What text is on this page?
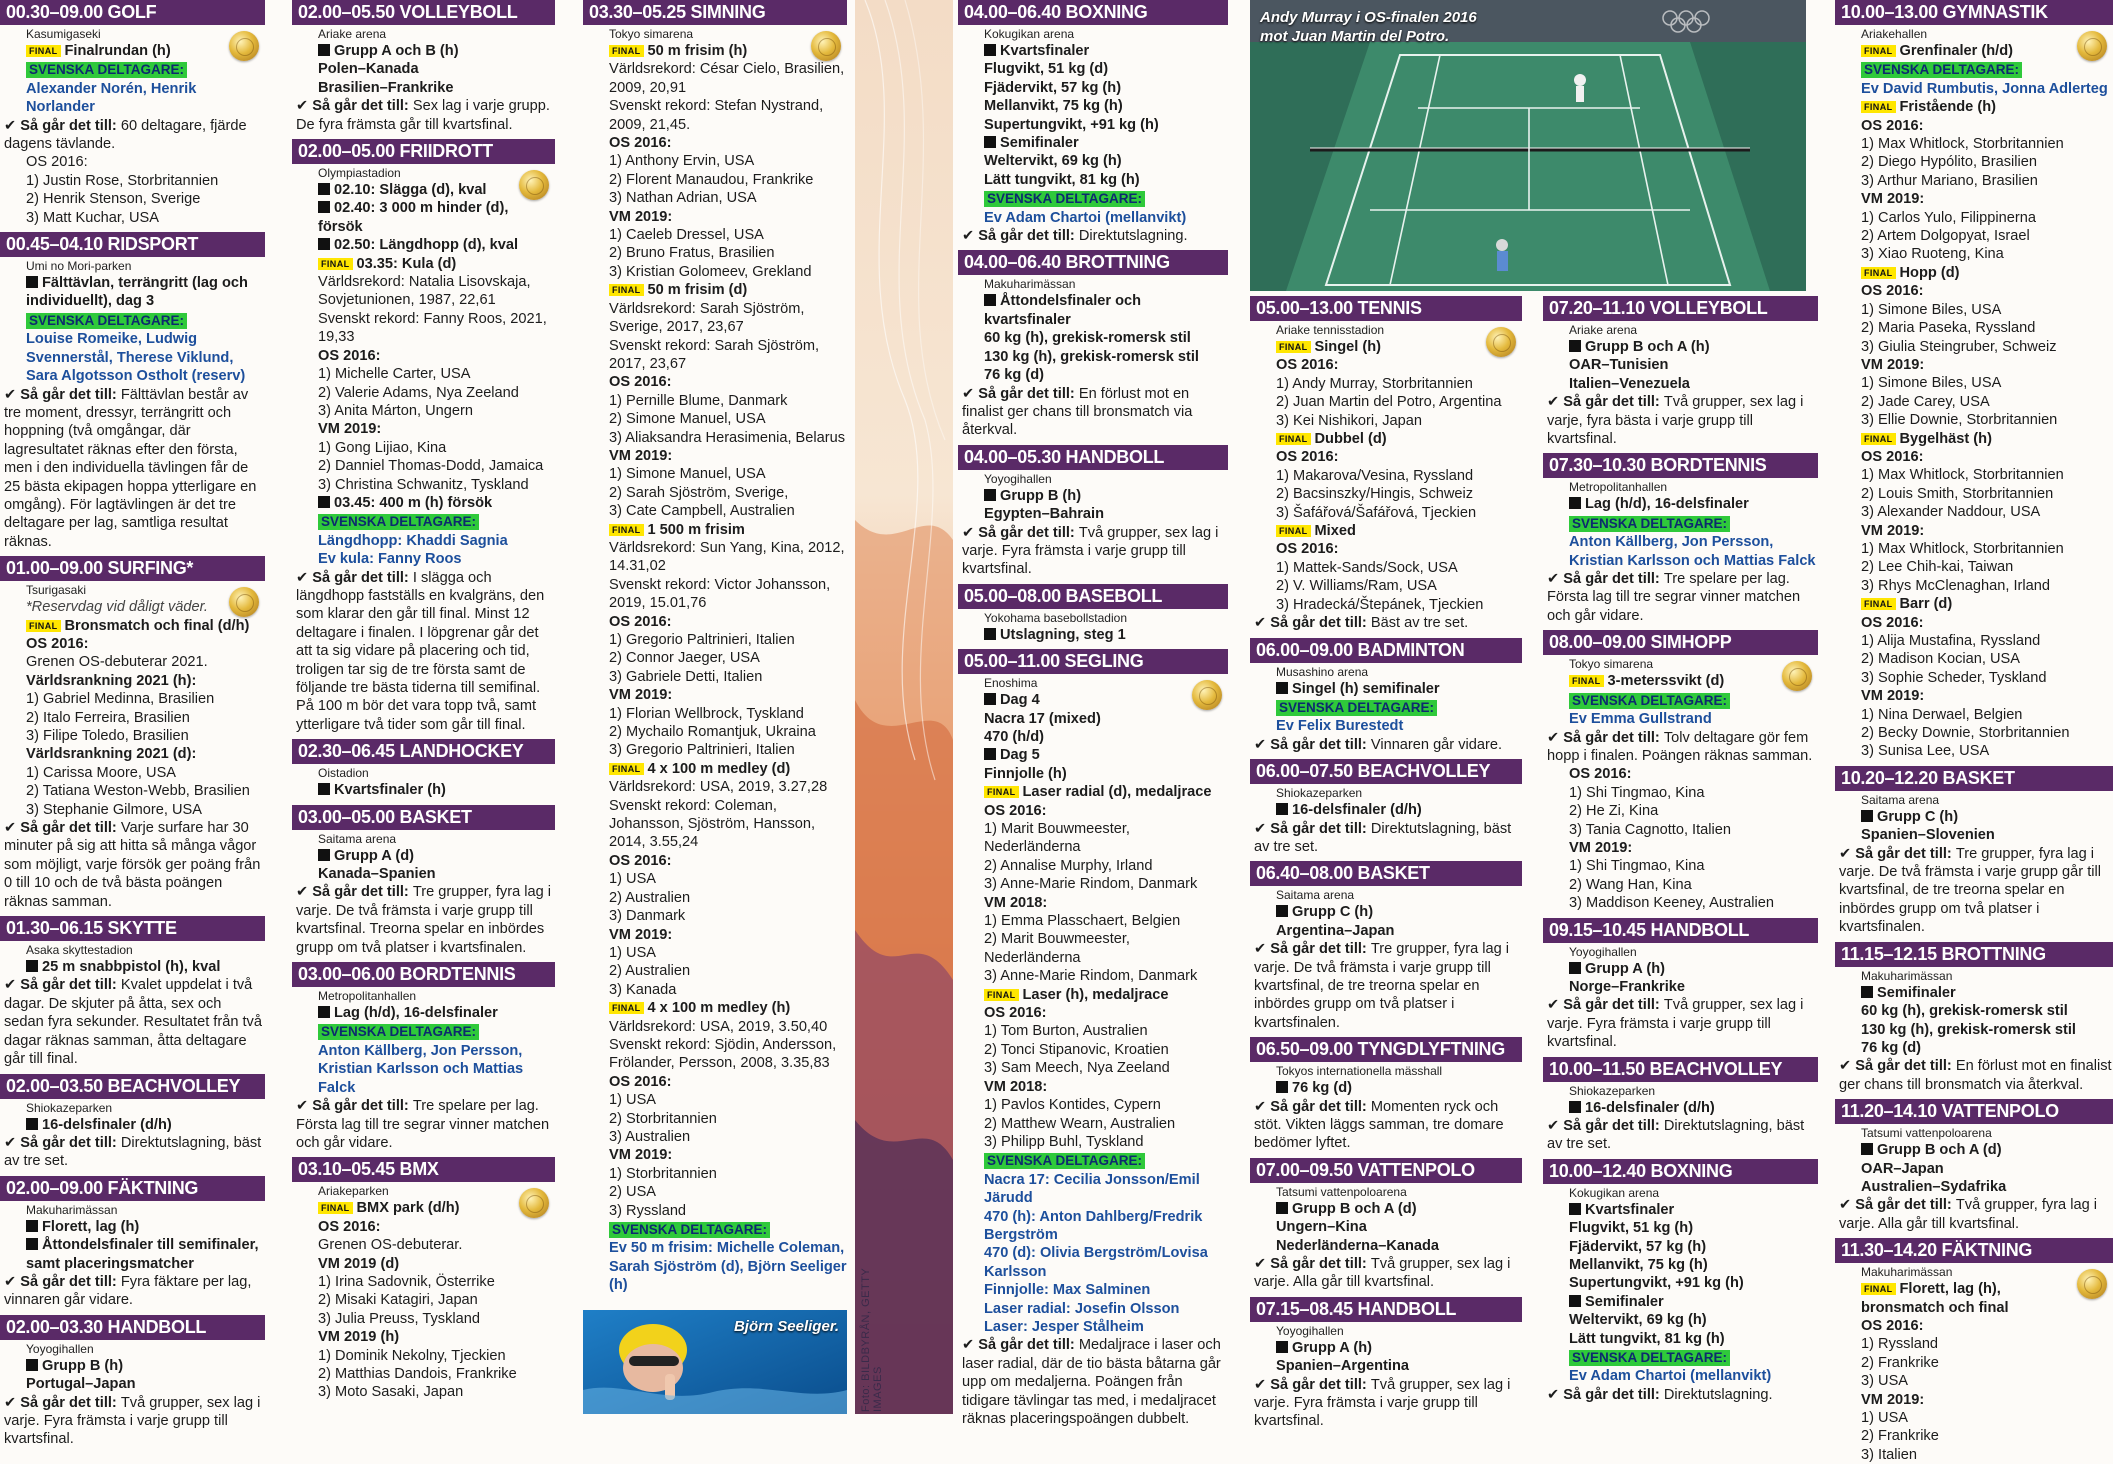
Foto: BILDBYRÅN, GETTY IMAGES
Andy Murray i OS-finalen 2016 mot Juan Martin del Potro.
Björn Seeliger.
00.30–09.00 GOLF
Kasumigaseki
FINAL Finalrundan (h)
SVENSKA DELTAGARE:
Alexander Norén, Henrik Norlander
✔ Så går det till: 60 deltagare, fjärde dagens tävlande.
OS 2016:
1) Justin Rose, Storbritannien
2) Henrik Stenson, Sverige
3) Matt Kuchar, USA
00.45–04.10 RIDSPORT
Umi no Mori-parken
Fälttävlan, terrängritt (lag och
individuellt), dag 3
SVENSKA DELTAGARE:
Louise Romeike, Ludwig
Svennerstål, Therese Viklund,
Sara Algotsson Ostholt (reserv)
✔ Så går det till: Fälttävlan består av tre moment, dressyr, terrängritt och hoppning (två omgångar, där lagresultatet räknas efter den första, men i den individuella tävlingen får de 25 bästa ekipagen hoppa ytterligare en omgång). För lagtävlingen är det tre deltagare per lag, samtliga resultat räknas.
01.00–09.00 SURFING*
Tsurigasaki
*Reservdag vid dåligt väder.
FINAL Bronsmatch och final (d/h)
OS 2016:
Grenen OS-debuterar 2021.
Världsrankning 2021 (h):
1) Gabriel Medinna, Brasilien
2) Italo Ferreira, Brasilien
3) Filipe Toledo, Brasilien
Världsrankning 2021 (d):
1) Carissa Moore, USA
2) Tatiana Weston-Webb, Brasilien
3) Stephanie Gilmore, USA
✔ Så går det till: Varje surfare har 30 minuter på sig att hitta så många vågor som möjligt, varje försök ger poäng från 0 till 10 och de två bästa poängen räknas samman.
01.30–06.15 SKYTTE
Asaka skyttestadion
25 m snabbpistol (h), kval
✔ Så går det till: Kvalet uppdelat i två dagar. De skjuter på åtta, sex och sedan fyra sekunder. Resultatet från två dagar räknas samman, åtta deltagare går till final.
02.00–03.50 BEACHVOLLEY
Shiokazeparken
16-delsfinaler (d/h)
✔ Så går det till: Direktutslagning, bäst av tre set.
02.00–09.00 FÄKTNING
Makuharimässan
Florett, lag (h)
Åttondelsfinaler till semifinaler,
samt placeringsmatcher
✔ Så går det till: Fyra fäktare per lag, vinnaren går vidare.
02.00–03.30 HANDBOLL
Yoyogihallen
Grupp B (h)
Portugal–Japan
✔ Så går det till: Två grupper, sex lag i varje. Fyra främsta i varje grupp till kvartsfinal.
02.00–05.50 VOLLEYBOLL
Ariake arena
Grupp A och B (h)
Polen–Kanada
Brasilien–Frankrike
✔ Så går det till: Sex lag i varje grupp. De fyra främsta går till kvartsfinal.
02.00–05.00 FRIIDROTT
Olympiastadion
02.10: Slägga (d), kval
02.40: 3 000 m hinder (d),
försök
02.50: Längdhopp (d), kval
FINAL 03.35: Kula (d)
Världsrekord: Natalia Lisovskaja, Sovjetunionen, 1987, 22,61
Svenskt rekord: Fanny Roos, 2021, 19,33
OS 2016:
1) Michelle Carter, USA
2) Valerie Adams, Nya Zeeland
3) Anita Márton, Ungern
VM 2019:
1) Gong Lijiao, Kina
2) Danniel Thomas-Dodd, Jamaica
3) Christina Schwanitz, Tyskland
03.45: 400 m (h) försök
SVENSKA DELTAGARE:
Längdhopp: Khaddi Sagnia
Ev kula: Fanny Roos
✔ Så går det till: I slägga och längdhopp fastställs en kvalgräns, den som klarar den går till final. Minst 12 deltagare i finalen. I löpgrenar går det att ta sig vidare på placering och tid, troligen tar sig de tre första samt de följande tre bästa tiderna till semifinal. På 100 m bör det vara topp två, samt ytterligare två tider som går till final.
02.30–06.45 LANDHOCKEY
Oistadion
Kvartsfinaler (h)
03.00–05.00 BASKET
Saitama arena
Grupp A (d)
Kanada–Spanien
✔ Så går det till: Tre grupper, fyra lag i varje. De två främsta i varje grupp till kvartsfinal. Treorna spelar en inbördes grupp om två platser i kvartsfinalen.
03.00–06.00 BORDTENNIS
Metropolitanhallen
Lag (h/d), 16-delsfinaler
SVENSKA DELTAGARE:
Anton Källberg, Jon Persson,
Kristian Karlsson och Mattias Falck
✔ Så går det till: Tre spelare per lag. Första lag till tre segrar vinner matchen och går vidare.
03.10–05.45 BMX
Ariakeparken
FINAL BMX park (d/h)
OS 2016:
Grenen OS-debuterar.
VM 2019 (d)
1) Irina Sadovnik, Österrike
2) Misaki Katagiri, Japan
3) Julia Preuss, Tyskland
VM 2019 (h)
1) Dominik Nekolny, Tjeckien
2) Matthias Dandois, Frankrike
3) Moto Sasaki, Japan
03.30–05.25 SIMNING
Tokyo simarena
FINAL 50 m frisim (h)
Världsrekord: César Cielo, Brasilien, 2009, 20,91
Svenskt rekord: Stefan Nystrand, 2009, 21,45.
OS 2016:
1) Anthony Ervin, USA
2) Florent Manaudou, Frankrike
3) Nathan Adrian, USA
VM 2019:
1) Caeleb Dressel, USA
2) Bruno Fratus, Brasilien
3) Kristian Golomeev, Grekland
FINAL 50 m frisim (d)
Världsrekord: Sarah Sjöström, Sverige, 2017, 23,67
Svenskt rekord: Sarah Sjöström, 2017, 23,67
OS 2016:
1) Pernille Blume, Danmark
2) Simone Manuel, USA
3) Aliaksandra Herasimenia, Belarus
VM 2019:
1) Simone Manuel, USA
2) Sarah Sjöström, Sverige,
3) Cate Campbell, Australien
FINAL 1 500 m frisim
Världsrekord: Sun Yang, Kina, 2012, 14.31,02
Svenskt rekord: Victor Johansson, 2019, 15.01,76
OS 2016:
1) Gregorio Paltrinieri, Italien
2) Connor Jaeger, USA
3) Gabriele Detti, Italien
VM 2019:
1) Florian Wellbrock, Tyskland
2) Mychailo Romantjuk, Ukraina
3) Gregorio Paltrinieri, Italien
FINAL 4 x 100 m medley (d)
Världsrekord: USA, 2019, 3.27,28
Svenskt rekord: Coleman, Johansson, Sjöström, Hansson, 2014, 3.55,24
OS 2016:
1) USA
2) Australien
3) Danmark
VM 2019:
1) USA
2) Australien
3) Kanada
FINAL 4 x 100 m medley (h)
Världsrekord: USA, 2019, 3.50,40
Svenskt rekord: Sjödin, Andersson, Frölander, Persson, 2008, 3.35,83
OS 2016:
1) USA
2) Storbritannien
3) Australien
VM 2019:
1) Storbritannien
2) USA
3) Ryssland
SVENSKA DELTAGARE:
Ev 50 m frisim: Michelle Coleman,
Sarah Sjöström (d), Björn Seeliger (h)
04.00–06.40 BOXNING
Kokugikan arena
Kvartsfinaler
Flugvikt, 51 kg (d)
Fjädervikt, 57 kg (h)
Mellanvikt, 75 kg (h)
Supertungvikt, +91 kg (h)
Semifinaler
Weltervikt, 69 kg (h)
Lätt tungvikt, 81 kg (h)
SVENSKA DELTAGARE:
Ev Adam Chartoi (mellanvikt)
✔ Så går det till: Direktutslagning.
04.00–06.40 BROTTNING
Makuharimässan
Åttondelsfinaler och
kvartsfinaler
60 kg (h), grekisk-romersk stil
130 kg (h), grekisk-romersk stil
76 kg (d)
✔ Så går det till: En förlust mot en finalist ger chans till bronsmatch via återkval.
04.00–05.30 HANDBOLL
Yoyogihallen
Grupp B (h)
Egypten–Bahrain
✔ Så går det till: Två grupper, sex lag i varje. Fyra främsta i varje grupp till kvartsfinal.
05.00–08.00 BASEBOLL
Yokohama basebollstadion
Utslagning, steg 1
05.00–11.00 SEGLING
Enoshima
Dag 4
Nacra 17 (mixed)
470 (h/d)
Dag 5
Finnjolle (h)
FINAL Laser radial (d), medaljrace
OS 2016:
1) Marit Bouwmeester, Nederländerna
2) Annalise Murphy, Irland
3) Anne-Marie Rindom, Danmark
VM 2018:
1) Emma Plasschaert, Belgien
2) Marit Bouwmeester, Nederländerna
3) Anne-Marie Rindom, Danmark
FINAL Laser (h), medaljrace
OS 2016:
1) Tom Burton, Australien
2) Tonci Stipanovic, Kroatien
3) Sam Meech, Nya Zeeland
VM 2018:
1) Pavlos Kontides, Cypern
2) Matthew Wearn, Australien
3) Philipp Buhl, Tyskland
SVENSKA DELTAGARE:
Nacra 17: Cecilia Jonsson/Emil
Järudd
470 (h): Anton Dahlberg/Fredrik
Bergström
470 (d): Olivia Bergström/Lovisa
Karlsson
Finnjolle: Max Salminen
Laser radial: Josefin Olsson
Laser: Jesper Stålheim
✔ Så går det till: Medaljrace i laser och laser radial, där de tio bästa båtarna går upp om medaljerna. Poängen från tidigare tävlingar tas med, i medaljracet räknas placeringspoängen dubbelt.
05.00–13.00 TENNIS
Ariake tennisstadion
FINAL Singel (h)
OS 2016:
1) Andy Murray, Storbritannien
2) Juan Martin del Potro, Argentina
3) Kei Nishikori, Japan
FINAL Dubbel (d)
OS 2016:
1) Makarova/Vesina, Ryssland
2) Bacsinszky/Hingis, Schweiz
3) Šafářová/Šafářová, Tjeckien
FINAL Mixed
OS 2016:
1) Mattek-Sands/Sock, USA
2) V. Williams/Ram, USA
3) Hradecká/Štepánek, Tjeckien
✔ Så går det till: Bäst av tre set.
06.00–09.00 BADMINTON
Musashino arena
Singel (h) semifinaler
SVENSKA DELTAGARE:
Ev Felix Burestedt
✔ Så går det till: Vinnaren går vidare.
06.00–07.50 BEACHVOLLEY
Shiokazeparken
16-delsfinaler (d/h)
✔ Så går det till: Direktutslagning, bäst av tre set.
06.40–08.00 BASKET
Saitama arena
Grupp C (h)
Argentina–Japan
✔ Så går det till: Tre grupper, fyra lag i varje. De två främsta i varje grupp till kvartsfinal, de tre treorna spelar en inbördes grupp om två platser i kvartsfinalen.
06.50–09.00 TYNGDLYFTNING
Tokyos internationella mässhall
76 kg (d)
✔ Så går det till: Momenten ryck och stöt. Vikten läggs samman, tre domare bedömer lyftet.
07.00–09.50 VATTENPOLO
Tatsumi vattenpoloarena
Grupp B och A (d)
Ungern–Kina
Nederländerna–Kanada
✔ Så går det till: Två grupper, sex lag i varje. Alla går till kvartsfinal.
07.15–08.45 HANDBOLL
Yoyogihallen
Grupp A (h)
Spanien–Argentina
✔ Så går det till: Två grupper, sex lag i varje. Fyra främsta i varje grupp till kvartsfinal.
07.20–11.10 VOLLEYBOLL
Ariake arena
Grupp B och A (h)
OAR–Tunisien
Italien–Venezuela
✔ Så går det till: Två grupper, sex lag i varje, fyra bästa i varje grupp till kvartsfinal.
07.30–10.30 BORDTENNIS
Metropolitanhallen
Lag (h/d), 16-delsfinaler
SVENSKA DELTAGARE:
Anton Källberg, Jon Persson,
Kristian Karlsson och Mattias Falck
✔ Så går det till: Tre spelare per lag. Första lag till tre segrar vinner matchen och går vidare.
08.00–09.00 SIMHOPP
Tokyo simarena
FINAL 3-meterssvikt (d)
SVENSKA DELTAGARE:
Ev Emma Gullstrand
✔ Så går det till: Tolv deltagare gör fem hopp i finalen. Poängen räknas samman.
OS 2016:
1) Shi Tingmao, Kina
2) He Zi, Kina
3) Tania Cagnotto, Italien
VM 2019:
1) Shi Tingmao, Kina
2) Wang Han, Kina
3) Maddison Keeney, Australien
09.15–10.45 HANDBOLL
Yoyogihallen
Grupp A (h)
Norge–Frankrike
✔ Så går det till: Två grupper, sex lag i varje. Fyra främsta i varje grupp till kvartsfinal.
10.00–11.50 BEACHVOLLEY
Shiokazeparken
16-delsfinaler (d/h)
✔ Så går det till: Direktutslagning, bäst av tre set.
10.00–12.40 BOXNING
Kokugikan arena
Kvartsfinaler
Flugvikt, 51 kg (h)
Fjädervikt, 57 kg (h)
Mellanvikt, 75 kg (h)
Supertungvikt, +91 kg (h)
Semifinaler
Weltervikt, 69 kg (h)
Lätt tungvikt, 81 kg (h)
SVENSKA DELTAGARE:
Ev Adam Chartoi (mellanvikt)
✔ Så går det till: Direktutslagning.
10.00–13.00 GYMNASTIK
Ariakehallen
FINAL Grenfinaler (h/d)
SVENSKA DELTAGARE:
Ev David Rumbutis, Jonna Adlerteg
FINAL Fristående (h)
OS 2016:
1) Max Whitlock, Storbritannien
2) Diego Hypólito, Brasilien
3) Arthur Mariano, Brasilien
VM 2019:
1) Carlos Yulo, Filippinerna
2) Artem Dolgopyat, Israel
3) Xiao Ruoteng, Kina
FINAL Hopp (d)
OS 2016:
1) Simone Biles, USA
2) Maria Paseka, Ryssland
3) Giulia Steingruber, Schweiz
VM 2019:
1) Simone Biles, USA
2) Jade Carey, USA
3) Ellie Downie, Storbritannien
FINAL Bygelhäst (h)
OS 2016:
1) Max Whitlock, Storbritannien
2) Louis Smith, Storbritannien
3) Alexander Naddour, USA
VM 2019:
1) Max Whitlock, Storbritannien
2) Lee Chih-kai, Taiwan
3) Rhys McClenaghan, Irland
FINAL Barr (d)
OS 2016:
1) Alija Mustafina, Ryssland
2) Madison Kocian, USA
3) Sophie Scheder, Tyskland
VM 2019:
1) Nina Derwael, Belgien
2) Becky Downie, Storbritannien
3) Sunisa Lee, USA
10.20–12.20 BASKET
Saitama arena
Grupp C (h)
Spanien–Slovenien
✔ Så går det till: Tre grupper, fyra lag i varje. De två främsta i varje grupp går till kvartsfinal, de tre treorna spelar en inbördes grupp om två platser i kvartsfinalen.
11.15–12.15 BROTTNING
Makuharimässan
Semifinaler
60 kg (h), grekisk-romersk stil
130 kg (h), grekisk-romersk stil
76 kg (d)
✔ Så går det till: En förlust mot en finalist ger chans till bronsmatch via återkval.
11.20–14.10 VATTENPOLO
Tatsumi vattenpoloarena
Grupp B och A (d)
OAR–Japan
Australien–Sydafrika
✔ Så går det till: Två grupper, fyra lag i varje. Alla går till kvartsfinal.
11.30–14.20 FÄKTNING
Makuharimässan
FINAL Florett, lag (h),
bronsmatch och final
OS 2016:
1) Ryssland
2) Frankrike
3) USA
VM 2019:
1) USA
2) Frankrike
3) Italien
